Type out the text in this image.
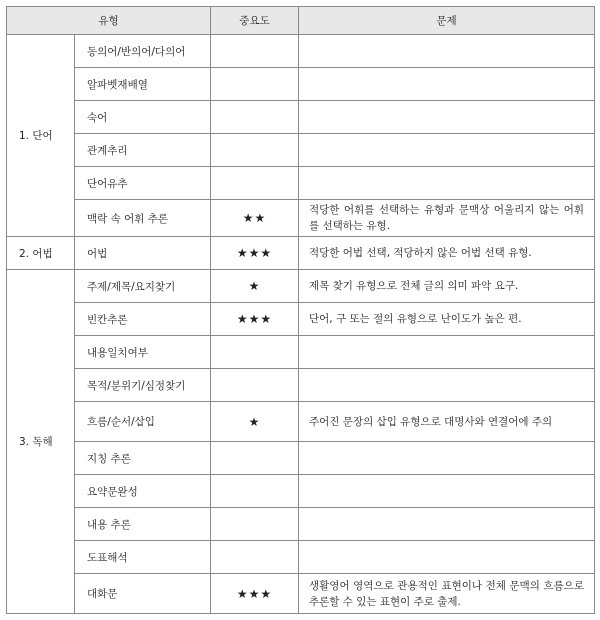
유형		중요도	문제
1. 단어	동의어/반의어/다의어		
	알파벳재배열		
	숙어		
	관계추리		
	단어유추		
	맥락 속 어휘 추론	★★	적당한 어휘를 선택하는 유형과 문맥상 어울리지 않는 어휘를 선택하는 유형.
2. 어법	어법	★★★	적당한 어법 선택, 적당하지 않은 어법 선택 유형.
3. 독해	주제/제목/요지찾기	★	제목 찾기 유형으로 전체 글의 의미 파악 요구.
	빈칸추론	★★★	단어, 구 또는 절의 유형으로 난이도가 높은 편.
	내용일치여부		
	목적/분위기/심정찾기		
	흐름/순서/삽입	★	주어진 문장의 삽입 유형으로 대명사와 연결어에 주의
	지칭 추론		
	요약문완성		
	내용 추론		
	도표해석		
	대화문	★★★	생활영어 영역으로 관용적인 표현이나 전체 문맥의 흐름으로 추론할 수 있는 표현이 주로 출제.
